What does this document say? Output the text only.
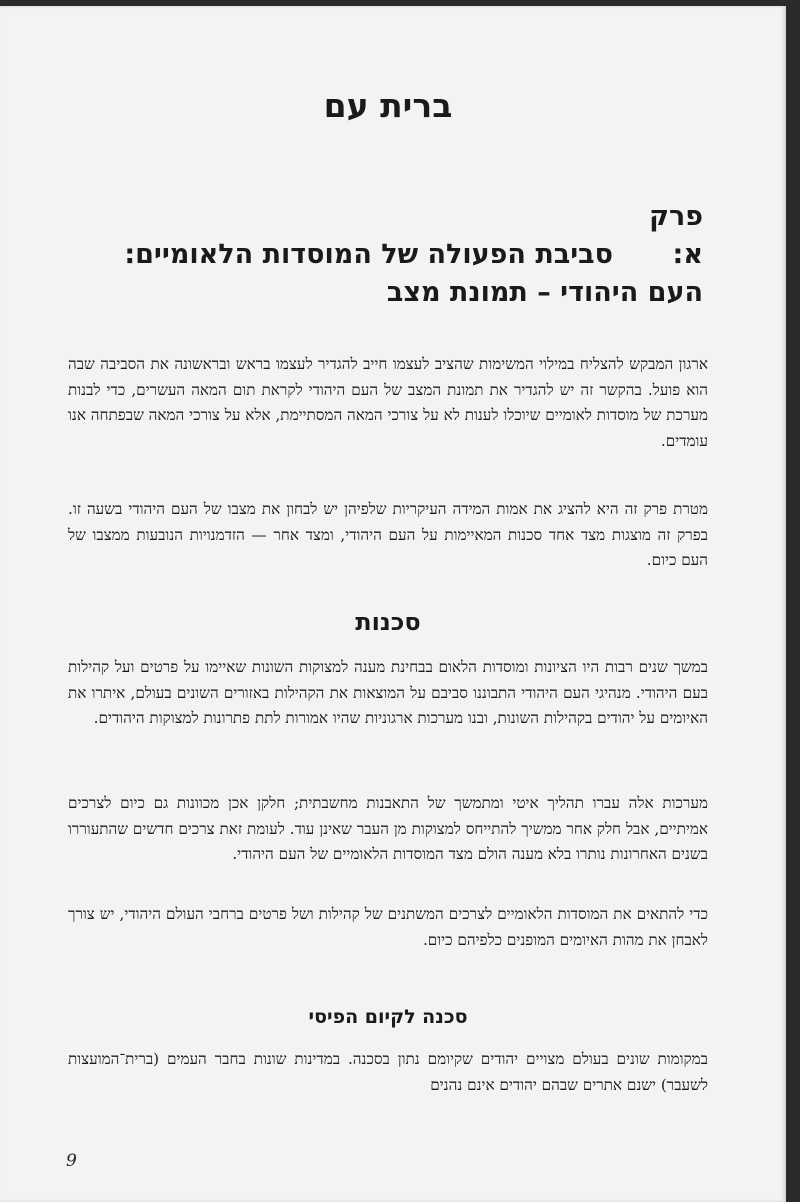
ברית עם
פרק א:סביבת הפעולה של המוסדות הלאומיים:
העם היהודי – תמונת מצב

ארגון המבקש להצליח במילוי המשימות שהציב לעצמו חייב להגדיר לעצמו בראש ובראשונה את הסביבה שבה הוא פועל. בהקשר זה יש להגדיר את תמונת המצב של העם היהודי לקראת תום המאה העשרים, כדי לבנות מערכת של מוסדות לאומיים שיוכלו לענות לא על צורכי המאה המסתיימת, אלא על צורכי המאה שבפתחה אנו עומדים.

מטרת פרק זה היא להציג את אמות המידה העיקריות שלפיהן יש לבחון את מצבו של העם היהודי בשעה זו. בפרק זה מוצגות מצד אחד סכנות המאיימות על העם היהודי, ומצד אחר — הזדמנויות הנובעות ממצבו של העם כיום.

סכנות

במשך שנים רבות היו הציונות ומוסדות הלאום בבחינת מענה למצוקות השונות שאיימו על פרטים ועל קהילות בעם היהודי. מנהיגי העם היהודי התבוננו סביבם על המוצאות את הקהילות באזורים השונים בעולם, איתרו את האיומים על יהודים בקהילות השונות, ובנו מערכות ארגוניות שהיו אמורות לתת פתרונות למצוקות היהודים.

מערכות אלה עברו תהליך איטי ומתמשך של התאבנות מחשבתית; חלקן אכן מכוונות גם כיום לצרכים אמיתיים, אבל חלק אחר ממשיך להתייחס למצוקות מן העבר שאינן עוד. לעומת זאת צרכים חדשים שהתעוררו בשנים האחרונות נותרו בלא מענה הולם מצד המוסדות הלאומיים של העם היהודי.

כדי להתאים את המוסדות הלאומיים לצרכים המשתנים של קהילות ושל פרטים ברחבי העולם היהודי, יש צורך לאבחן את מהות האיומים המופנים כלפיהם כיום.

סכנה לקיום הפיסי

במקומות שונים בעולם מצויים יהודים שקיומם נתון בסכנה. במדינות שונות בחבר העמים (ברית־המועצות לשעבר) ישנם אתרים שבהם יהודים אינם נהנים

9
